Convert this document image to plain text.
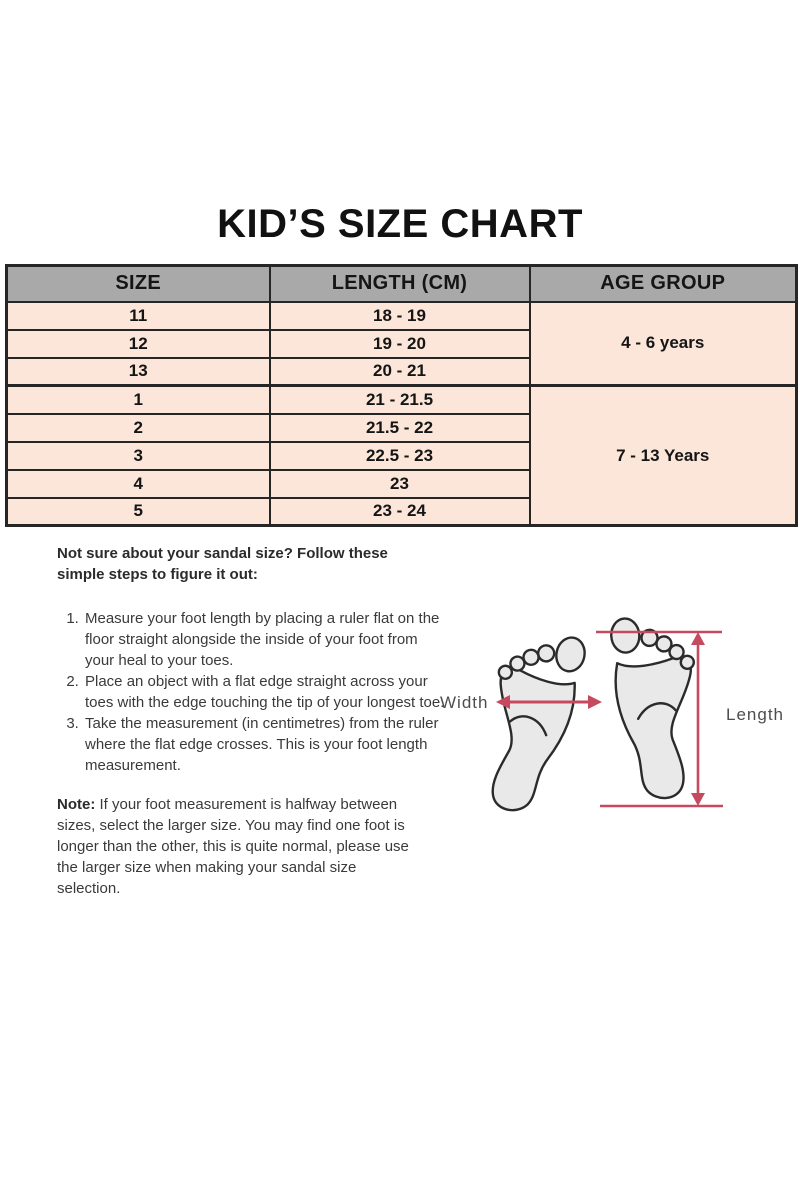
KID’S SIZE CHART
SIZE	LENGTH (CM)	AGE GROUP
11	18 - 19	4 - 6 years
12	19 - 20	
13	20 - 21	
1	21 - 21.5	7 - 13 Years
2	21.5 - 22	
3	22.5 - 23	
4	23	
5	23 - 24	

Not sure about your sandal size? Follow these simple steps to figure it out:

1. Measure your foot length by placing a ruler flat on the floor straight alongside the inside of your foot from your heal to your toes.
2. Place an object with a flat edge straight across your toes with the edge touching the tip of your longest toe.
3. Take the measurement (in centimetres) from the ruler where the flat edge crosses. This is your foot length measurement.

Note: If your foot measurement is halfway between sizes, select the larger size. You may find one foot is longer than the other, this is quite normal, please use the larger size when making your sandal size selection.

Width
Length
